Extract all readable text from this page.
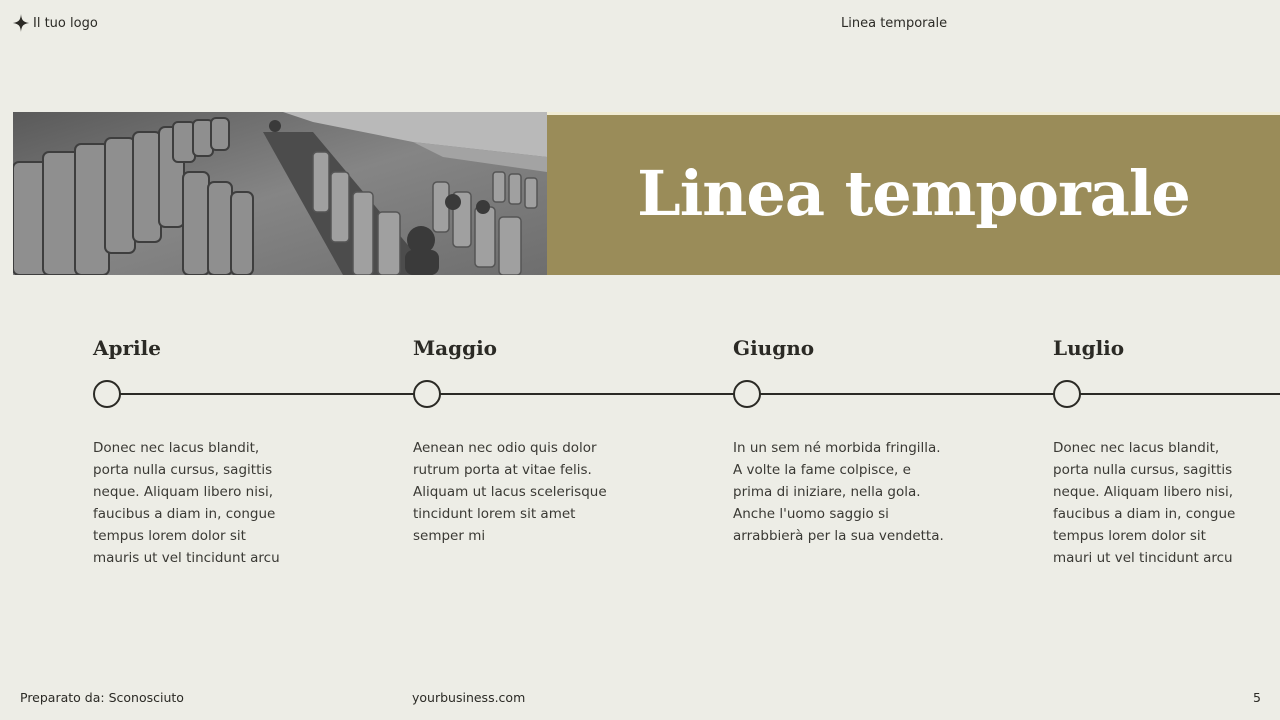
Il tuo logo	Linea temporale
Linea temporale
Aprile	Maggio	Giugno	Luglio
Donec nec lacus blandit,
porta nulla cursus, sagittis
neque. Aliquam libero nisi,
faucibus a diam in, congue
tempus lorem dolor sit
mauris ut vel tincidunt arcu
Aenean nec odio quis dolor
rutrum porta at vitae felis.
Aliquam ut lacus scelerisque
tincidunt lorem sit amet
semper mi
In un sem né morbida fringilla.
A volte la fame colpisce, e
prima di iniziare, nella gola.
Anche l'uomo saggio si
arrabbierà per la sua vendetta.
Donec nec lacus blandit,
porta nulla cursus, sagittis
neque. Aliquam libero nisi,
faucibus a diam in, congue
tempus lorem dolor sit
mauri ut vel tincidunt arcu
Preparato da: Sconosciuto	yourbusiness.com	5
